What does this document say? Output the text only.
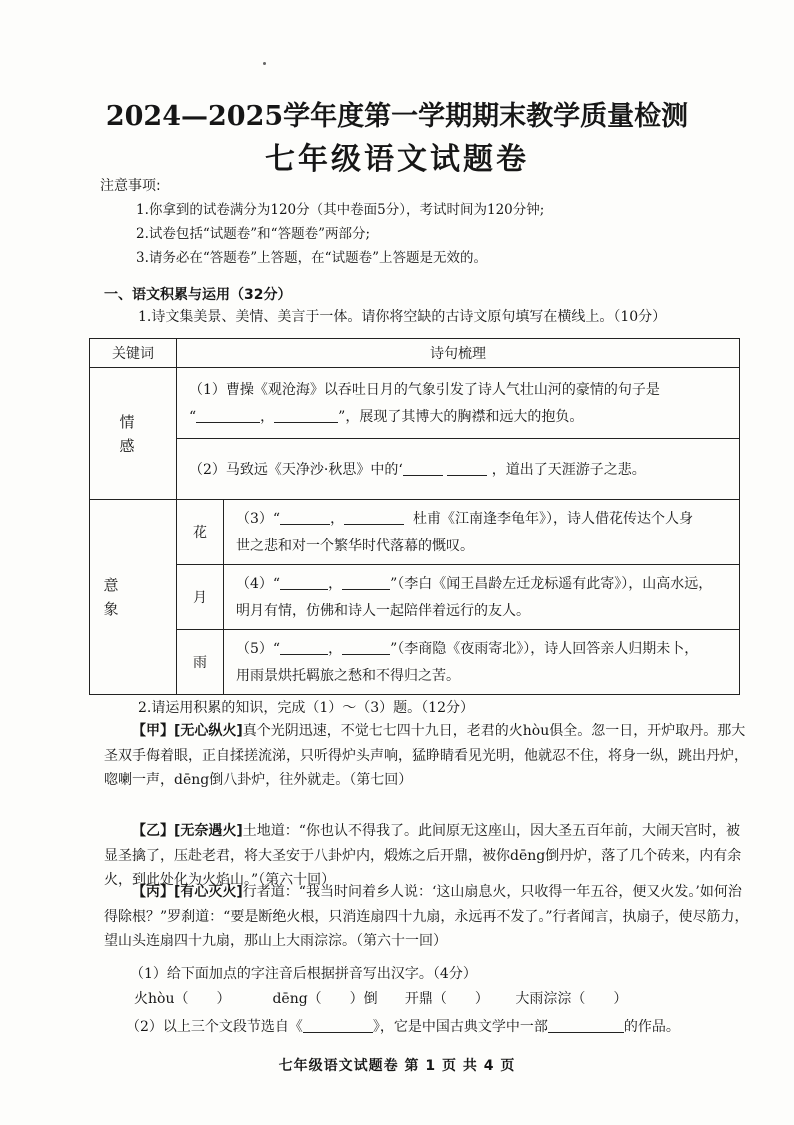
2024—2025学年度第一学期期末教学质量检测
七年级语文试题卷
注意事项:
1.你拿到的试卷满分为120分（其中卷面5分），考试时间为120分钟;
2.试卷包括“试题卷”和“答题卷”两部分;
3.请务必在“答题卷”上答题，在“试题卷”上答题是无效的。
一、语文积累与运用（32分）
1.诗文集美景、美情、美言于一体。请你将空缺的古诗文原句填写在横线上。（10分）
关键词	诗句梳理	
情感	（1）曹操《观沧海》以吞吐日月的气象引发了诗人气壮山河的豪情的句子是
“ ， ”，展现了其博大的胸襟和远大的抱负。	
	（2）马致远《天净沙·秋思》中的‘ ，道出了天涯游子之悲。	
意象	花	（3）“ ， 杜甫《江南逢李龟年》），诗人借花传达个人身
世之悲和对一个繁华时代落幕的慨叹。
	月	（4）“ ， ”（李白《闻王昌龄左迁龙标遥有此寄》），山高水远，
明月有情，仿佛和诗人一起陪伴着远行的友人。
	雨	（5）“ ， ”（李商隐《夜雨寄北》），诗人回答亲人归期未卜，
用雨景烘托羁旅之愁和不得归之苦。
2.请运用积累的知识，完成（1）～（3）题。（12分）
【甲】[无心纵火]真个光阴迅速，不觉七七四十九日，老君的火hòu俱全。忽一日，开炉取丹。那大圣双手侮着眼，正自揉搓流涕，只听得炉头声响，猛睁睛看见光明，他就忍不住，将身一纵，跳出丹炉，唿喇一声，dēng倒八卦炉，往外就走。（第七回）
【乙】[无奈遇火]土地道：“你也认不得我了。此间原无这座山，因大圣五百年前，大闹天宫时，被显圣擒了，压赴老君，将大圣安于八卦炉内，煅炼之后开鼎，被你dēng倒丹炉，落了几个砖来，内有余火，到此处化为火焰山。”（第六十回）
【丙】[有心灭火]行者道：“我当时问着乡人说：‘这山扇息火，只收得一年五谷，便又火发。’如何治得除根？”罗刹道：“要是断绝火根，只消连扇四十九扇，永远再不发了。”行者闻言，执扇子，使尽筋力，望山头连扇四十九扇，那山上大雨淙淙。（第六十一回）
（1）给下面加点的字注音后根据拼音写出汉字。（4分）
火hòu（　　）	dēng（　　）倒 开鼎（　　） 大雨淙淙（　　）
（2）以上三个文段节选自《	》，它是中国古典文学中一部	的作品。
七年级语文试题卷 第 1 页 共 4 页
